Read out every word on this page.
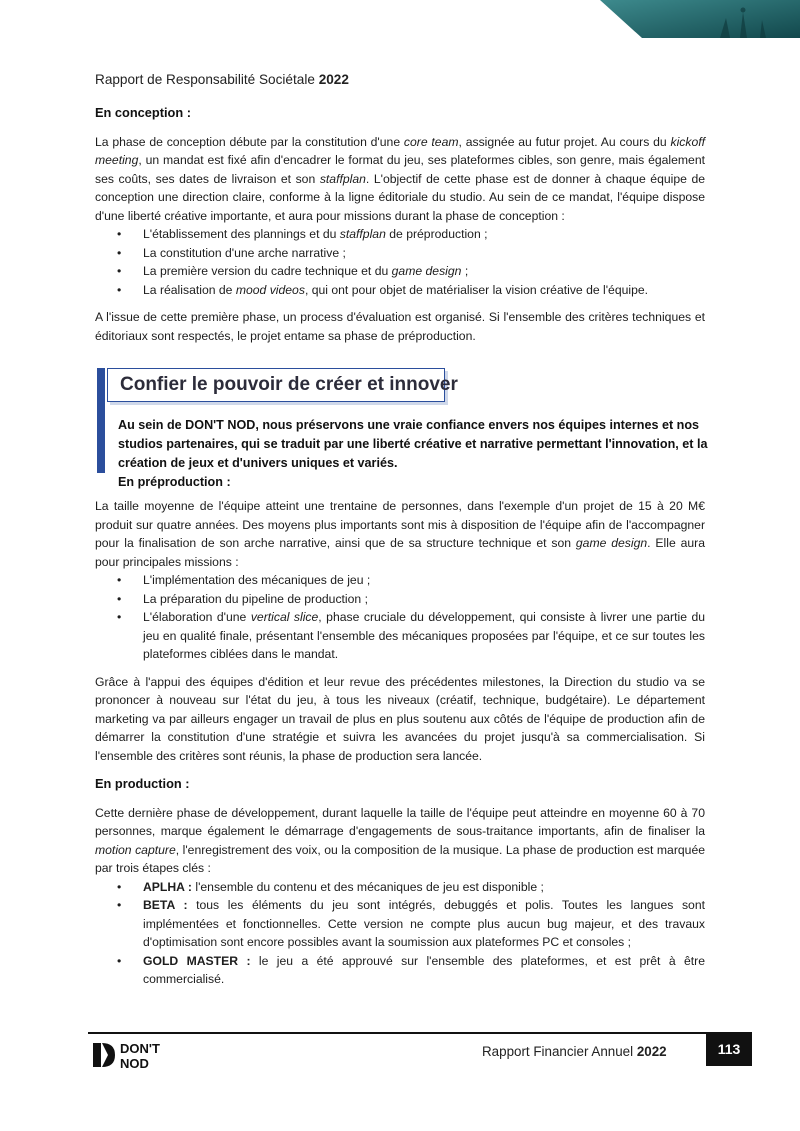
Rapport de Responsabilité Sociétale 2022
En conception :

La phase de conception débute par la constitution d'une core team, assignée au futur projet. Au cours du kickoff meeting, un mandat est fixé afin d'encadrer le format du jeu, ses plateformes cibles, son genre, mais également ses coûts, ses dates de livraison et son staffplan. L'objectif de cette phase est de donner à chaque équipe de conception une direction claire, conforme à la ligne éditoriale du studio. Au sein de ce mandat, l'équipe dispose d'une liberté créative importante, et aura pour missions durant la phase de conception :

• L'établissement des plannings et du staffplan de préproduction ;
• La constitution d'une arche narrative ;
• La première version du cadre technique et du game design ;
• La réalisation de mood videos, qui ont pour objet de matérialiser la vision créative de l'équipe.

A l'issue de cette première phase, un process d'évaluation est organisé. Si l'ensemble des critères techniques et éditoriaux sont respectés, le projet entame sa phase de préproduction.

Confier le pouvoir de créer et innover
Au sein de DON'T NOD, nous préservons une vraie confiance envers nos équipes internes et nos studios partenaires, qui se traduit par une liberté créative et narrative permettant l'innovation, et la création de jeux et d'univers uniques et variés.
En préproduction :

La taille moyenne de l'équipe atteint une trentaine de personnes, dans l'exemple d'un projet de 15 à 20 M€ produit sur quatre années. Des moyens plus importants sont mis à disposition de l'équipe afin de l'accompagner pour la finalisation de son arche narrative, ainsi que de sa structure technique et son game design. Elle aura pour principales missions :

• L'implémentation des mécaniques de jeu ;
• La préparation du pipeline de production ;
• L'élaboration d'une vertical slice, phase cruciale du développement, qui consiste à livrer une partie du jeu en qualité finale, présentant l'ensemble des mécaniques proposées par l'équipe, et ce sur toutes les plateformes ciblées dans le mandat.

Grâce à l'appui des équipes d'édition et leur revue des précédentes milestones, la Direction du studio va se prononcer à nouveau sur l'état du jeu, à tous les niveaux (créatif, technique, budgétaire). Le département marketing va par ailleurs engager un travail de plus en plus soutenu aux côtés de l'équipe de production afin de démarrer la constitution d'une stratégie et suivra les avancées du projet jusqu'à sa commercialisation. Si l'ensemble des critères sont réunis, la phase de production sera lancée.

En production :

Cette dernière phase de développement, durant laquelle la taille de l'équipe peut atteindre en moyenne 60 à 70 personnes, marque également le démarrage d'engagements de sous-traitance importants, afin de finaliser la motion capture, l'enregistrement des voix, ou la composition de la musique. La phase de production est marquée par trois étapes clés :

• APLHA : l'ensemble du contenu et des mécaniques de jeu est disponible ;
• BETA : tous les éléments du jeu sont intégrés, debuggés et polis. Toutes les langues sont implémentées et fonctionnelles. Cette version ne compte plus aucun bug majeur, et des travaux d'optimisation sont encore possibles avant la soumission aux plateformes PC et consoles ;
• GOLD MASTER : le jeu a été approuvé sur l'ensemble des plateformes, et est prêt à être commercialisé.
DON'T
NOD
Rapport Financier Annuel 2022	113
